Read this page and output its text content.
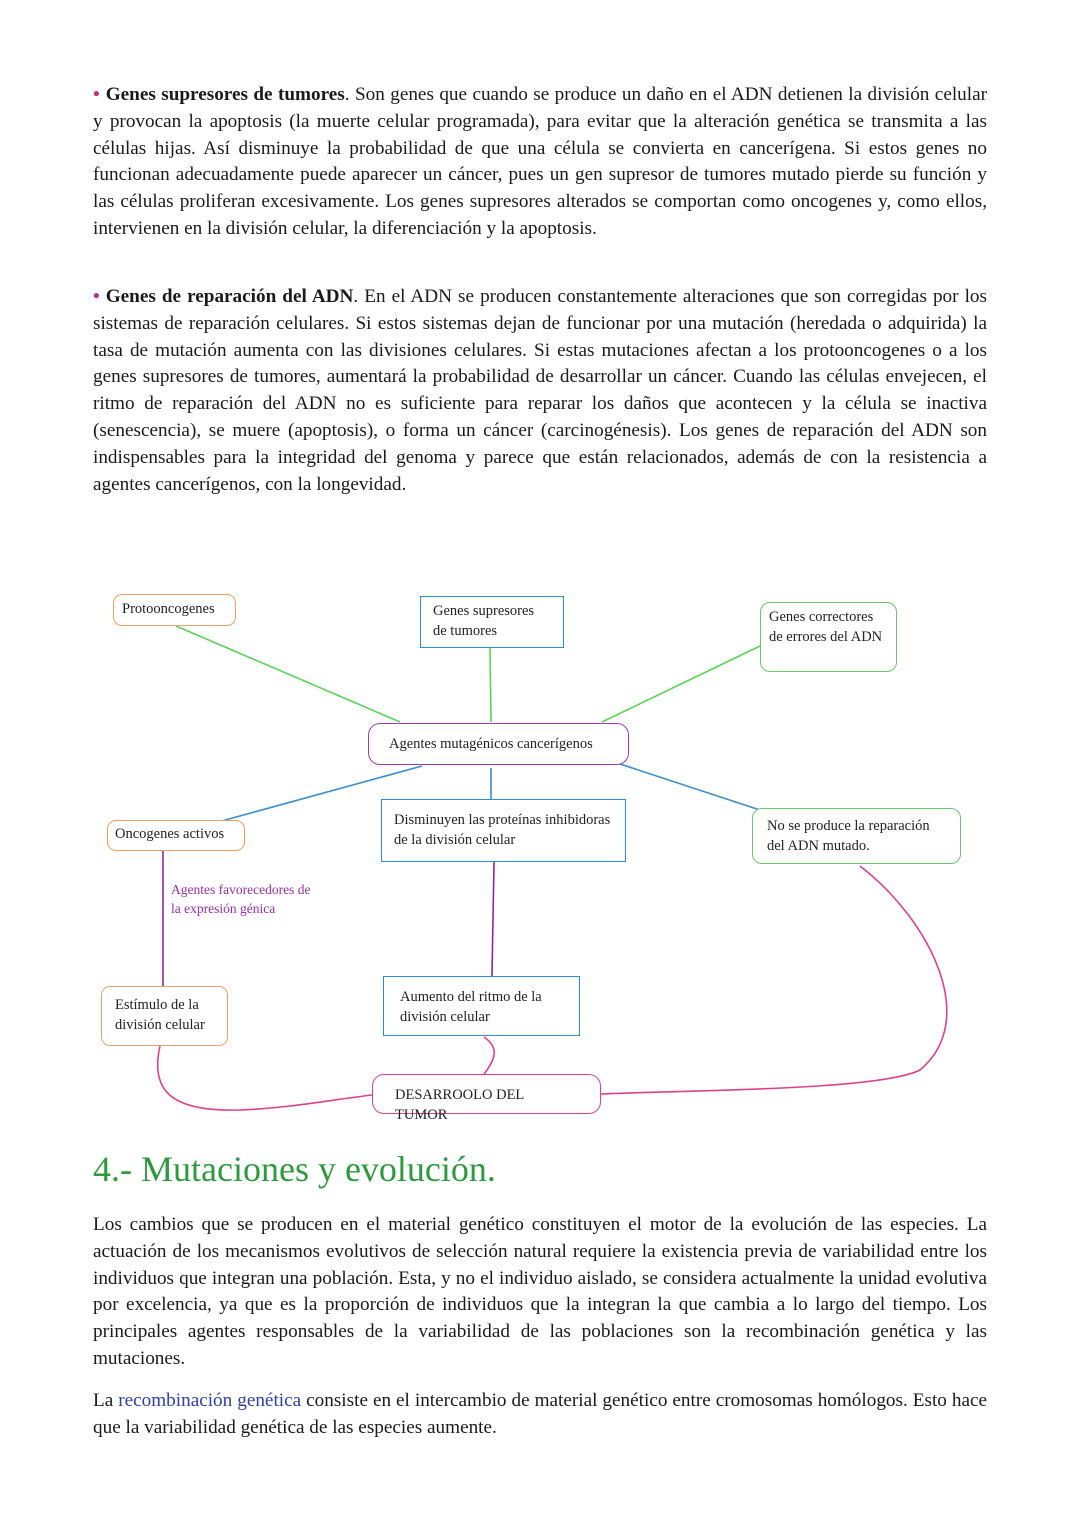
• Genes supresores de tumores. Son genes que cuando se produce un daño en el ADN detienen la división celular y provocan la apoptosis (la muerte celular programada), para evitar que la alteración genética se transmita a las células hijas. Así disminuye la probabilidad de que una célula se convierta en cancerígena. Si estos genes no funcionan adecuadamente puede aparecer un cáncer, pues un gen supresor de tumores mutado pierde su función y las células proliferan excesivamente. Los genes supresores alterados se comportan como oncogenes y, como ellos, intervienen en la división celular, la diferenciación y la apoptosis.

• Genes de reparación del ADN. En el ADN se producen constantemente alteraciones que son corregidas por los sistemas de reparación celulares. Si estos sistemas dejan de funcionar por una mutación (heredada o adquirida) la tasa de mutación aumenta con las divisiones celulares. Si estas mutaciones afectan a los protooncogenes o a los genes supresores de tumores, aumentará la probabilidad de desarrollar un cáncer. Cuando las células envejecen, el ritmo de reparación del ADN no es suficiente para reparar los daños que acontecen y la célula se inactiva (senescencia), se muere (apoptosis), o forma un cáncer (carcinogénesis). Los genes de reparación del ADN son indispensables para la integridad del genoma y parece que están relacionados, además de con la resistencia a agentes cancerígenos, con la longevidad.

Protooncogenes	Genes supresores de tumores
Genes correctores de errores del ADN
Agentes mutagénicos cancerígenos
Oncogenes activos
Disminuyen las proteínas inhibidoras de la división celular
No se produce la reparación del ADN mutado.
Agentes favorecedores de la expresión génica
Estímulo de la división celular
Aumento del ritmo de la división celular
DESARROOLO DEL TUMOR
4.- Mutaciones y evolución.

Los cambios que se producen en el material genético constituyen el motor de la evolución de las especies. La actuación de los mecanismos evolutivos de selección natural requiere la existencia previa de variabilidad entre los individuos que integran una población. Esta, y no el individuo aislado, se considera actualmente la unidad evolutiva por excelencia, ya que es la proporción de individuos que la integran la que cambia a lo largo del tiempo. Los principales agentes responsables de la variabilidad de las poblaciones son la recombinación genética y las mutaciones.

La recombinación genética consiste en el intercambio de material genético entre cromosomas homólogos. Esto hace que la variabilidad genética de las especies aumente.
